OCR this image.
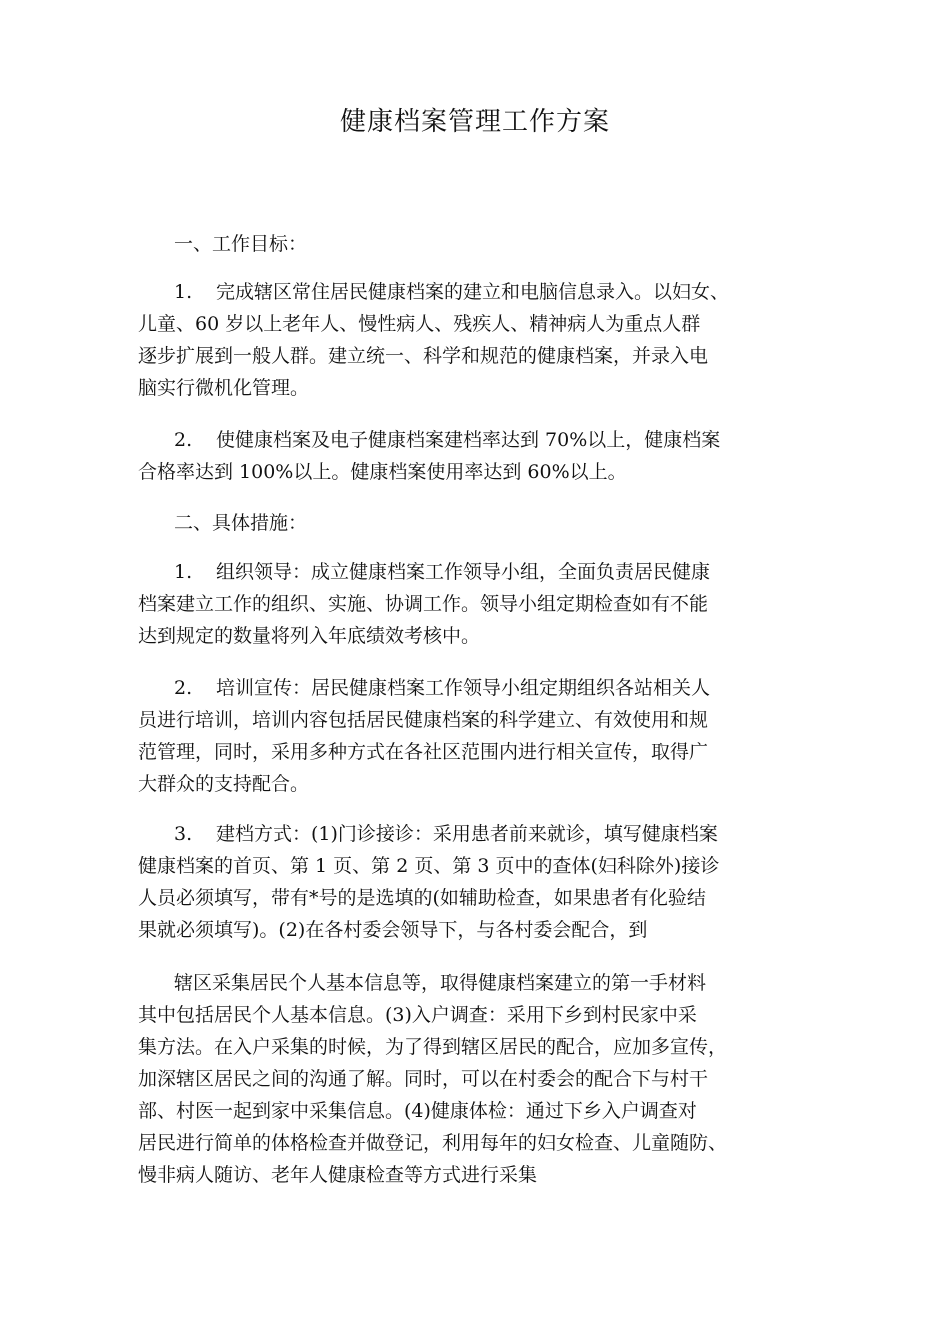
健康档案管理工作方案
一、工作目标：
1. 完成辖区常住居民健康档案的建立和电脑信息录入。以妇女、
儿童、60 岁以上老年人、慢性病人、残疾人、精神病人为重点人群
逐步扩展到一般人群。建立统一、科学和规范的健康档案，并录入电
脑实行微机化管理。
2. 使健康档案及电子健康档案建档率达到 70%以上，健康档案
合格率达到 100%以上。健康档案使用率达到 60%以上。
二、具体措施：
1. 组织领导：成立健康档案工作领导小组，全面负责居民健康
档案建立工作的组织、实施、协调工作。领导小组定期检查如有不能
达到规定的数量将列入年底绩效考核中。
2. 培训宣传：居民健康档案工作领导小组定期组织各站相关人
员进行培训，培训内容包括居民健康档案的科学建立、有效使用和规
范管理，同时，采用多种方式在各社区范围内进行相关宣传，取得广
大群众的支持配合。
3. 建档方式：(1)门诊接诊：采用患者前来就诊，填写健康档案
健康档案的首页、第 1 页、第 2 页、第 3 页中的查体(妇科除外)接诊
人员必须填写，带有*号的是选填的(如辅助检查，如果患者有化验结
果就必须填写)。(2)在各村委会领导下，与各村委会配合，到
辖区采集居民个人基本信息等，取得健康档案建立的第一手材料
其中包括居民个人基本信息。(3)入户调查：采用下乡到村民家中采
集方法。在入户采集的时候，为了得到辖区居民的配合，应加多宣传，
加深辖区居民之间的沟通了解。同时，可以在村委会的配合下与村干
部、村医一起到家中采集信息。(4)健康体检：通过下乡入户调查对
居民进行简单的体格检查并做登记，利用每年的妇女检查、儿童随防、
慢非病人随访、老年人健康检查等方式进行采集
